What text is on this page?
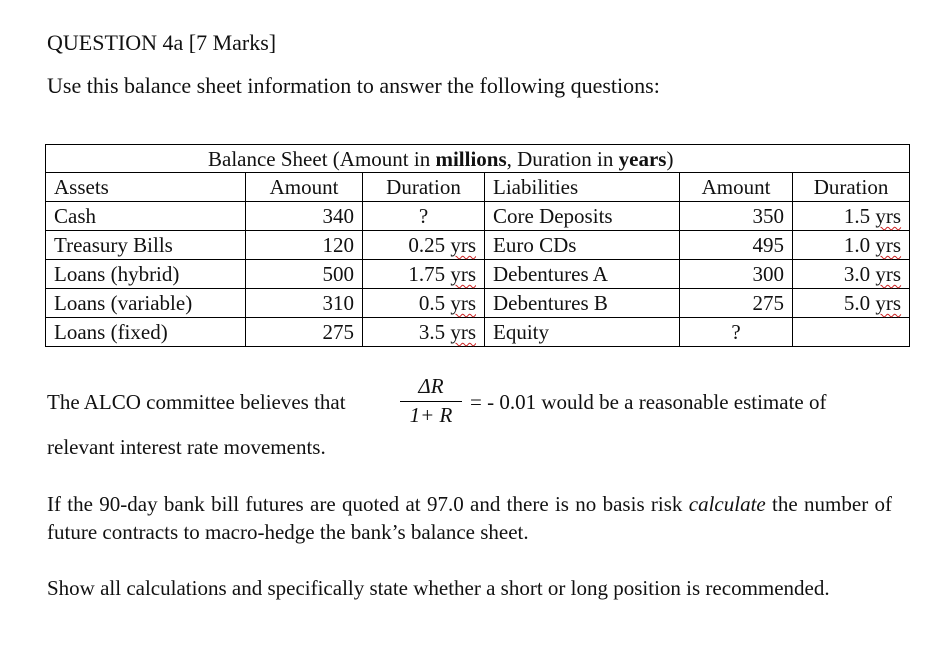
QUESTION 4a [7 Marks]
Use this balance sheet information to answer the following questions:
Balance Sheet (Amount in millions, Duration in years)					
Assets	Amount	Duration	Liabilities	Amount	Duration
Cash	340	?	Core Deposits	350	1.5 yrs
Treasury Bills	120	0.25 yrs	Euro CDs	495	1.0 yrs
Loans (hybrid)	500	1.75 yrs	Debentures A	300	3.0 yrs
Loans (variable)	310	0.5 yrs	Debentures B	275	5.0 yrs
Loans (fixed)	275	3.5 yrs	Equity	?	
The ALCO committee believes that	$\frac{\Delta R}{1+ R}$ = - 0.01 would be a reasonable estimate of
relevant interest rate movements.
If the 90-day bank bill futures are quoted at 97.0 and there is no basis risk calculate the number of future contracts to macro-hedge the bank’s balance sheet.
Show all calculations and specifically state whether a short or long position is recommended.
